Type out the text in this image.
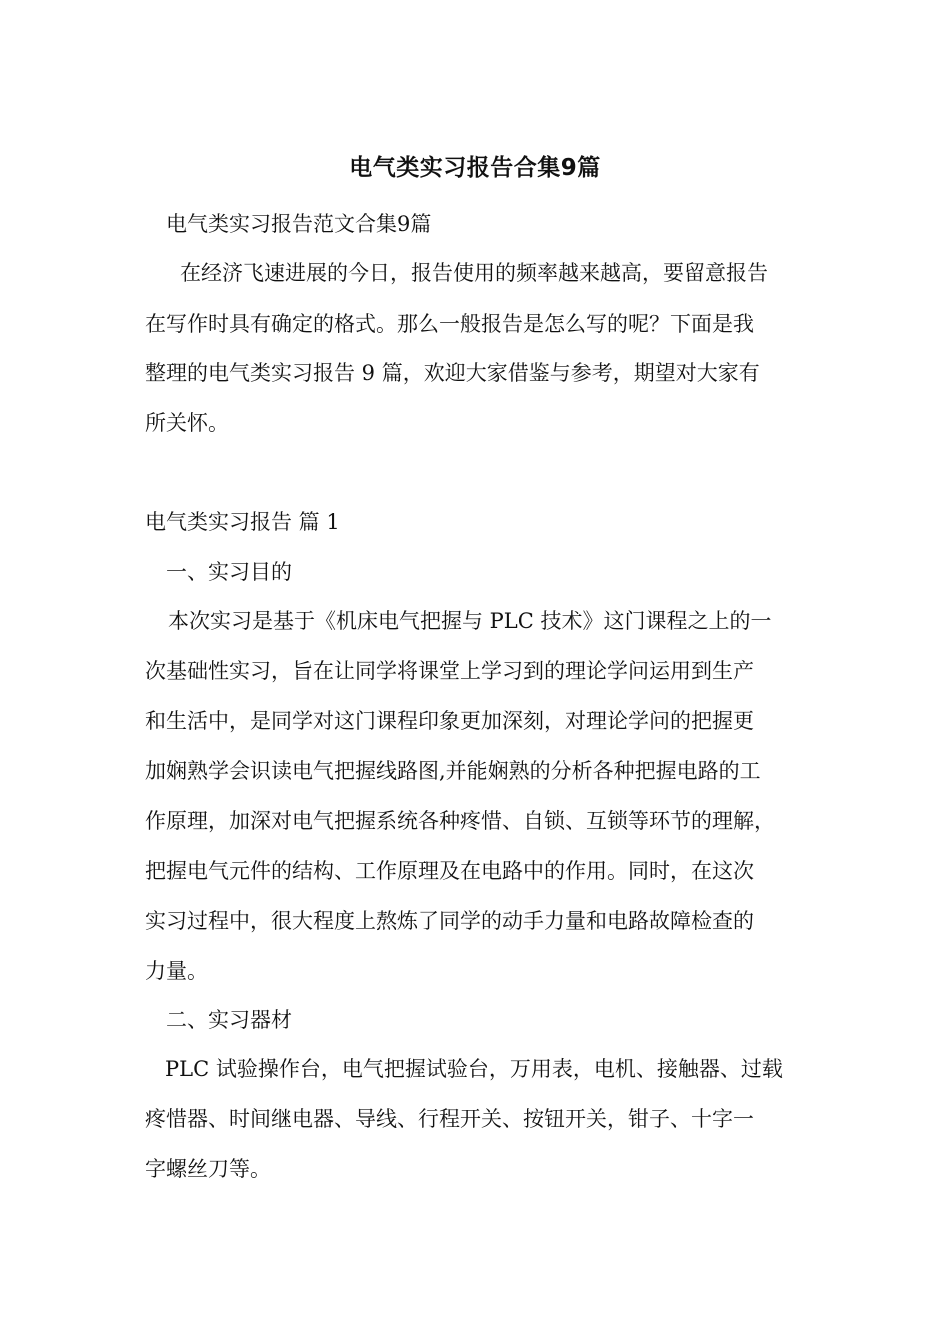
电气类实习报告合集9篇
电气类实习报告范文合集9篇
在经济飞速进展的今日，报告使用的频率越来越高，要留意报告
在写作时具有确定的格式。那么一般报告是怎么写的呢？下面是我
整理的电气类实习报告 9 篇，欢迎大家借鉴与参考，期望对大家有
所关怀。
电气类实习报告 篇 1
一、实习目的
本次实习是基于《机床电气把握与 PLC 技术》这门课程之上的一
次基础性实习，旨在让同学将课堂上学习到的理论学问运用到生产
和生活中，是同学对这门课程印象更加深刻，对理论学问的把握更
加娴熟学会识读电气把握线路图,并能娴熟的分析各种把握电路的工
作原理，加深对电气把握系统各种疼惜、自锁、互锁等环节的理解，
把握电气元件的结构、工作原理及在电路中的作用。同时，在这次
实习过程中，很大程度上熬炼了同学的动手力量和电路故障检查的
力量。
二、实习器材
PLC 试验操作台，电气把握试验台，万用表，电机、接触器、过载
疼惜器、时间继电器、导线、行程开关、按钮开关，钳子、十字一
字螺丝刀等。
